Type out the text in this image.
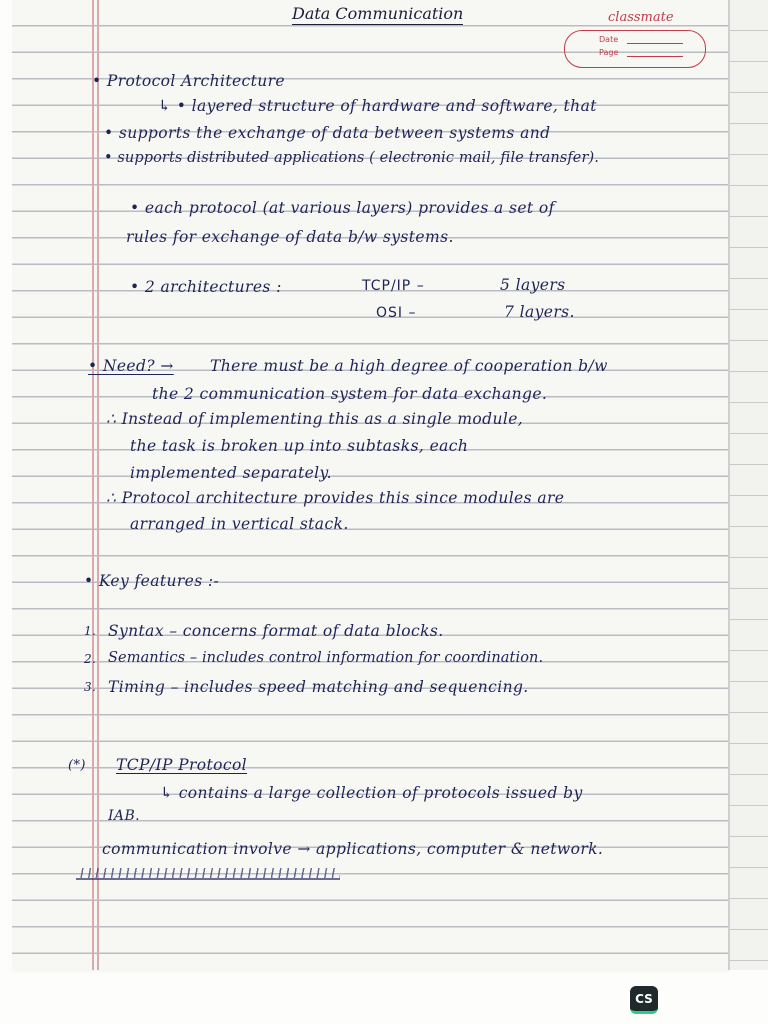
classmate
Date
Page
Data Communication
• Protocol Architecture
↳ • layered structure of hardware and software, that
• supports the exchange of data between systems and
• supports distributed applications ( electronic mail, file transfer).
• each protocol (at various layers) provides a set of
rules for exchange of data b/w systems.
• 2 architectures :	TCP/IP –	5 layers
OSI –	7 layers.
• Need? → There must be a high degree of cooperation b/w
the 2 communication system for data exchange.
∴ Instead of implementing this as a single module,
the task is broken up into subtasks, each
implemented separately.
∴ Protocol architecture provides this since modules are
arranged in vertical stack.
• Key features :-
1. Syntax – concerns format of data blocks.
2. Semantics – includes control information for coordination.
3. Timing – includes speed matching and sequencing.
(*) TCP/IP Protocol
↳ contains a large collection of protocols issued by
IAB.
communication involve → applications, computer & network.
CS
